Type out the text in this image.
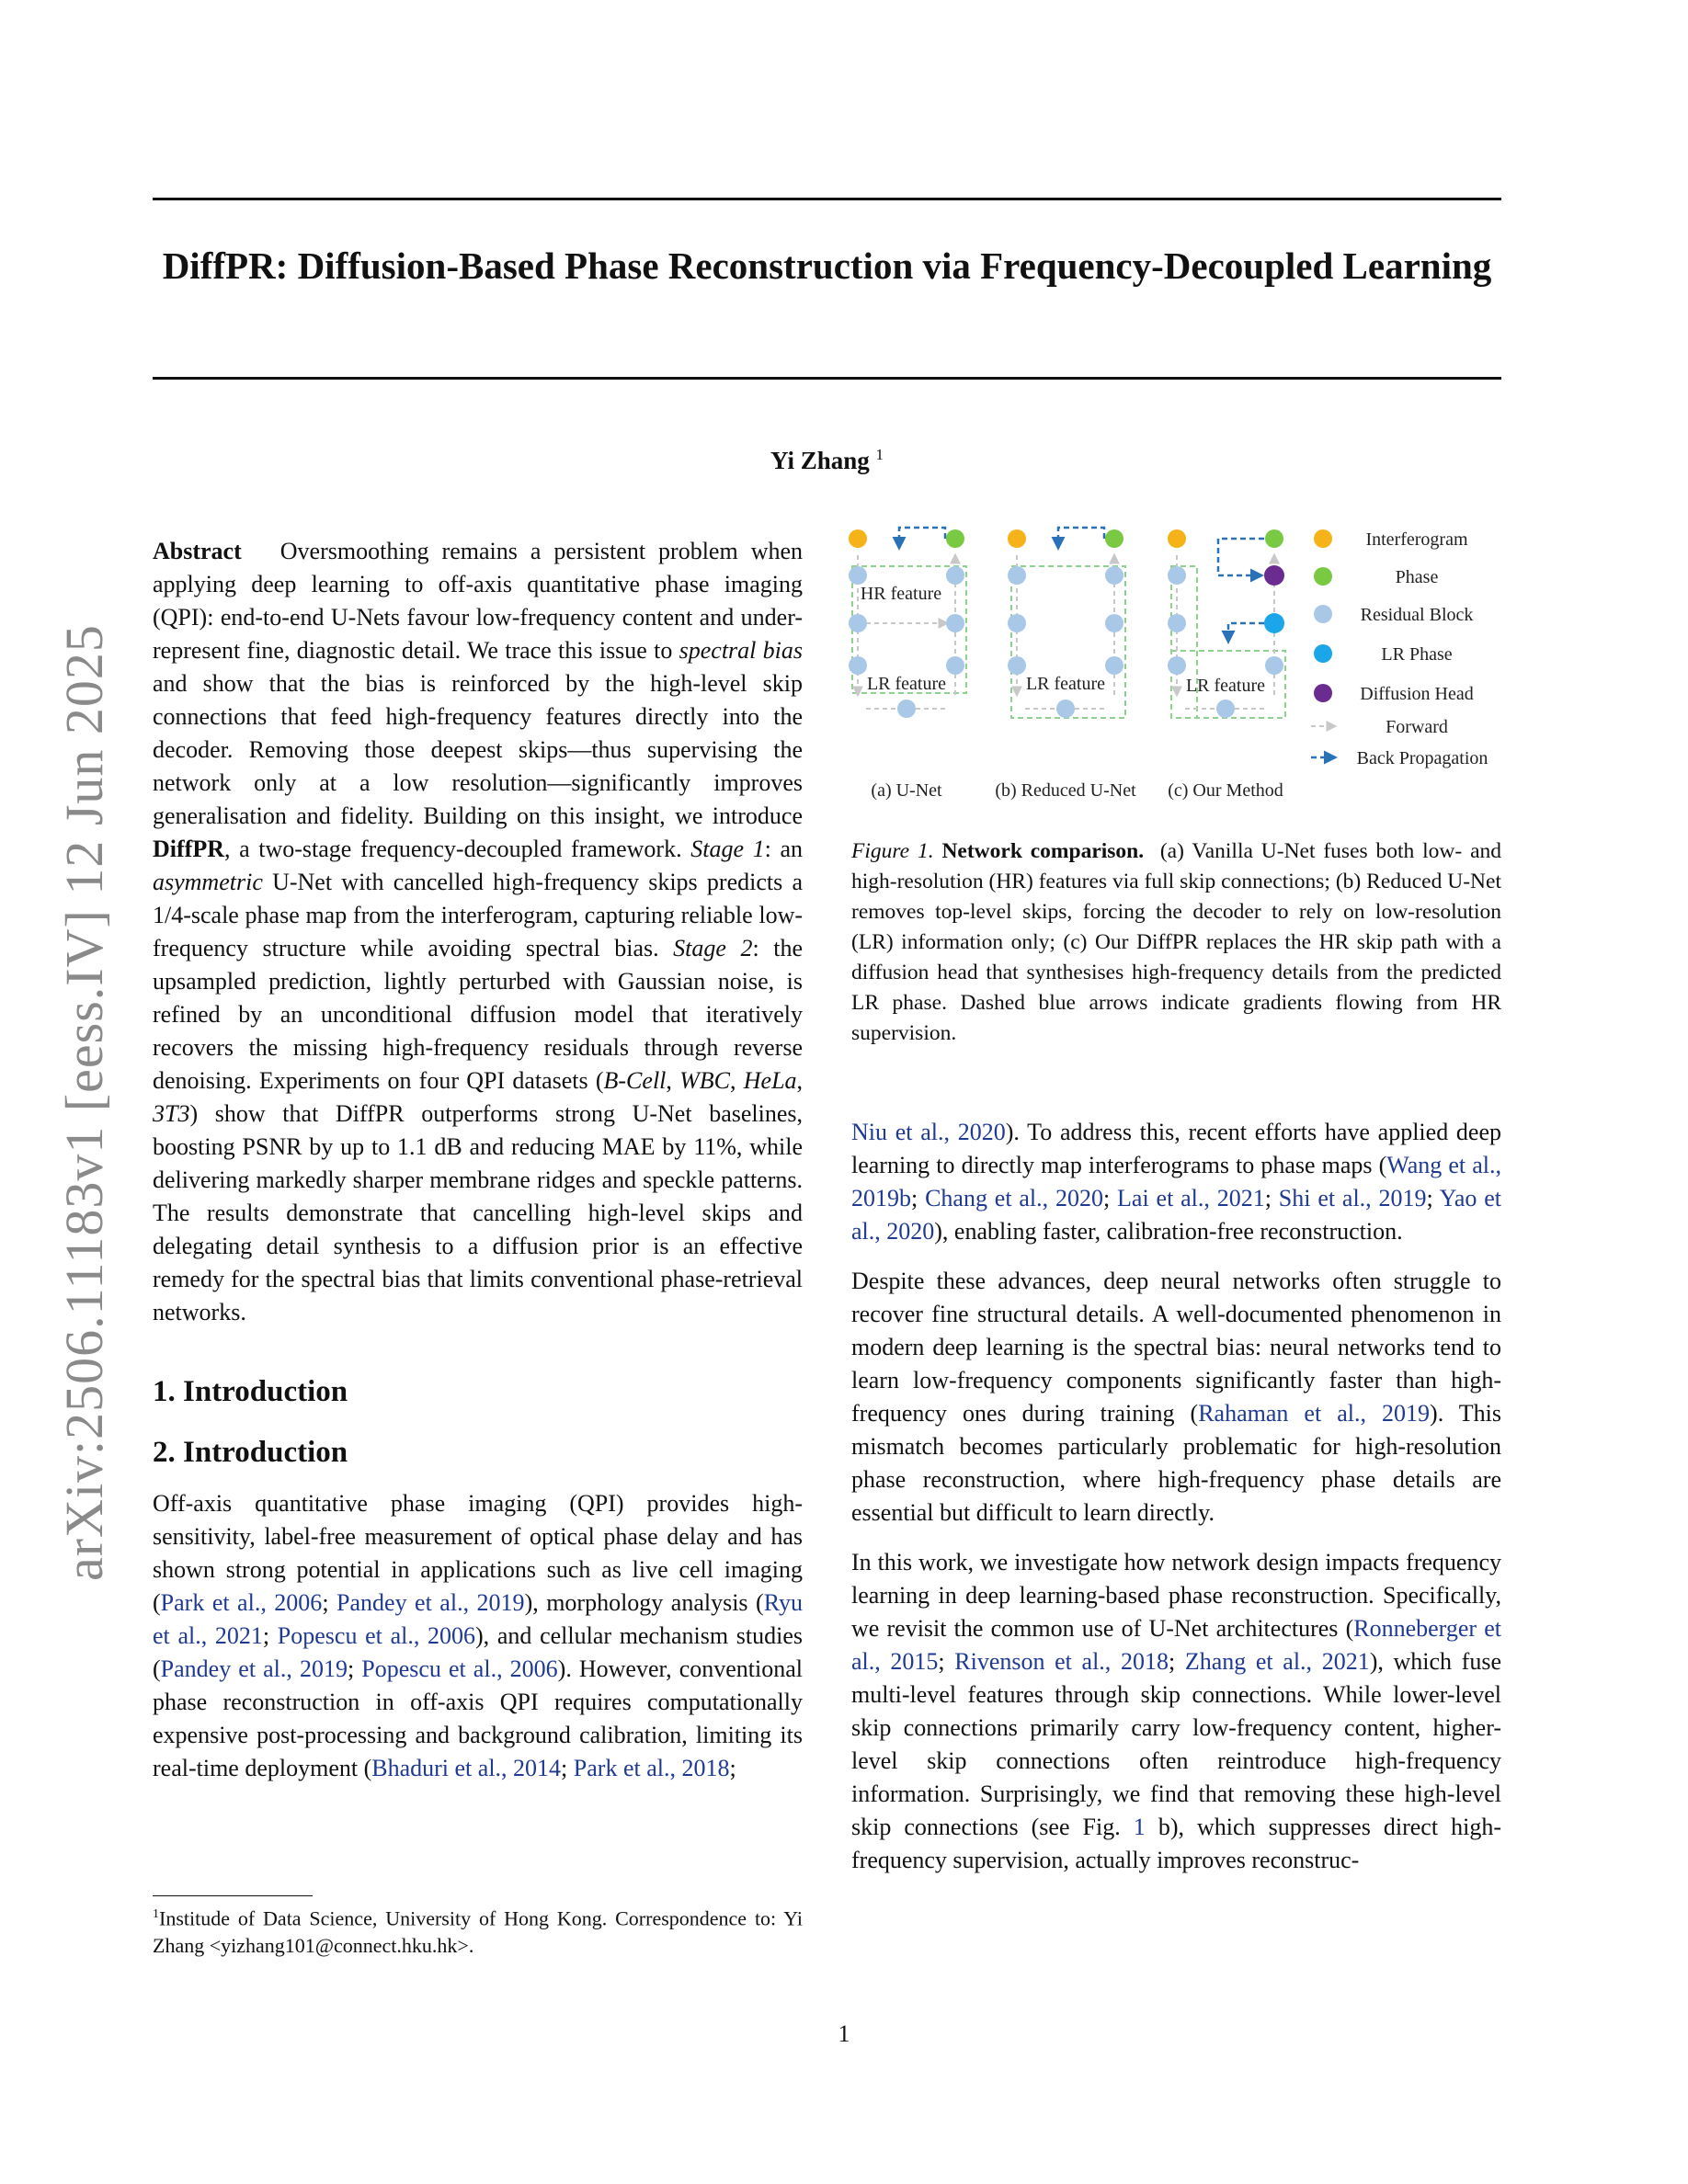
DiffPR: Diffusion-Based Phase Reconstruction via Frequency-Decoupled Learning
Yi Zhang $^1$
arXiv:2506.11183v1 [eess.IV] 12 Jun 2025

Abstract Oversmoothing remains a persistent problem when applying deep learning to off-axis quantitative phase imaging (QPI): end-to-end U-Nets favour low-frequency content and under-represent fine, diagnostic detail. We trace this issue to spectral bias and show that the bias is reinforced by the high-level skip connections that feed high-frequency features directly into the decoder. Removing those deepest skips—thus supervising the network only at a low resolution—significantly improves generalisation and fidelity. Building on this insight, we introduce DiffPR, a two-stage frequency-decoupled framework. Stage 1: an asymmetric U-Net with cancelled high-frequency skips predicts a 1/4-scale phase map from the interferogram, capturing reliable low-frequency structure while avoiding spectral bias. Stage 2: the upsampled prediction, lightly perturbed with Gaussian noise, is refined by an unconditional diffusion model that iteratively recovers the missing high-frequency residuals through reverse denoising. Experiments on four QPI datasets (B-Cell, WBC, HeLa, 3T3) show that DiffPR outperforms strong U-Net baselines, boosting PSNR by up to 1.1 dB and reducing MAE by 11%, while delivering markedly sharper membrane ridges and speckle patterns. The results demonstrate that cancelling high-level skips and delegating detail synthesis to a diffusion prior is an effective remedy for the spectral bias that limits conventional phase-retrieval networks.

1. Introduction
2. Introduction

Off-axis quantitative phase imaging (QPI) provides high-sensitivity, label-free measurement of optical phase delay and has shown strong potential in applications such as live cell imaging (Park et al., 2006; Pandey et al., 2019), morphology analysis (Ryu et al., 2021; Popescu et al., 2006), and cellular mechanism studies (Pandey et al., 2019; Popescu et al., 2006). However, conventional phase reconstruction in off-axis QPI requires computationally expensive post-processing and background calibration, limiting its real-time deployment (Bhaduri et al., 2014; Park et al., 2018;

$^1$Institude of Data Science, University of Hong Kong. Correspondence to: Yi Zhang <yizhang101@connect.hku.hk>.
HR feature
LR feature
(a) U-Net
LR feature
(b) Reduced U-Net
LR feature
(c) Our Method
Interferogram
Phase
Residual Block
LR Phase
Diffusion Head
Forward
Back Propagation

Figure 1. Network comparison. (a) Vanilla U-Net fuses both low- and high-resolution (HR) features via full skip connections; (b) Reduced U-Net removes top-level skips, forcing the decoder to rely on low-resolution (LR) information only; (c) Our DiffPR replaces the HR skip path with a diffusion head that synthesises high-frequency details from the predicted LR phase. Dashed blue arrows indicate gradients flowing from HR supervision.

Niu et al., 2020). To address this, recent efforts have applied deep learning to directly map interferograms to phase maps (Wang et al., 2019b; Chang et al., 2020; Lai et al., 2021; Shi et al., 2019; Yao et al., 2020), enabling faster, calibration-free reconstruction.

Despite these advances, deep neural networks often struggle to recover fine structural details. A well-documented phenomenon in modern deep learning is the spectral bias: neural networks tend to learn low-frequency components significantly faster than high-frequency ones during training (Rahaman et al., 2019). This mismatch becomes particularly problematic for high-resolution phase reconstruction, where high-frequency phase details are essential but difficult to learn directly.

In this work, we investigate how network design impacts frequency learning in deep learning-based phase reconstruction. Specifically, we revisit the common use of U-Net architectures (Ronneberger et al., 2015; Rivenson et al., 2018; Zhang et al., 2021), which fuse multi-level features through skip connections. While lower-level skip connections primarily carry low-frequency content, higher-level skip connections often reintroduce high-frequency information. Surprisingly, we find that removing these high-level skip connections (see Fig. 1 b), which suppresses direct high-frequency supervision, actually improves reconstruc-

1
